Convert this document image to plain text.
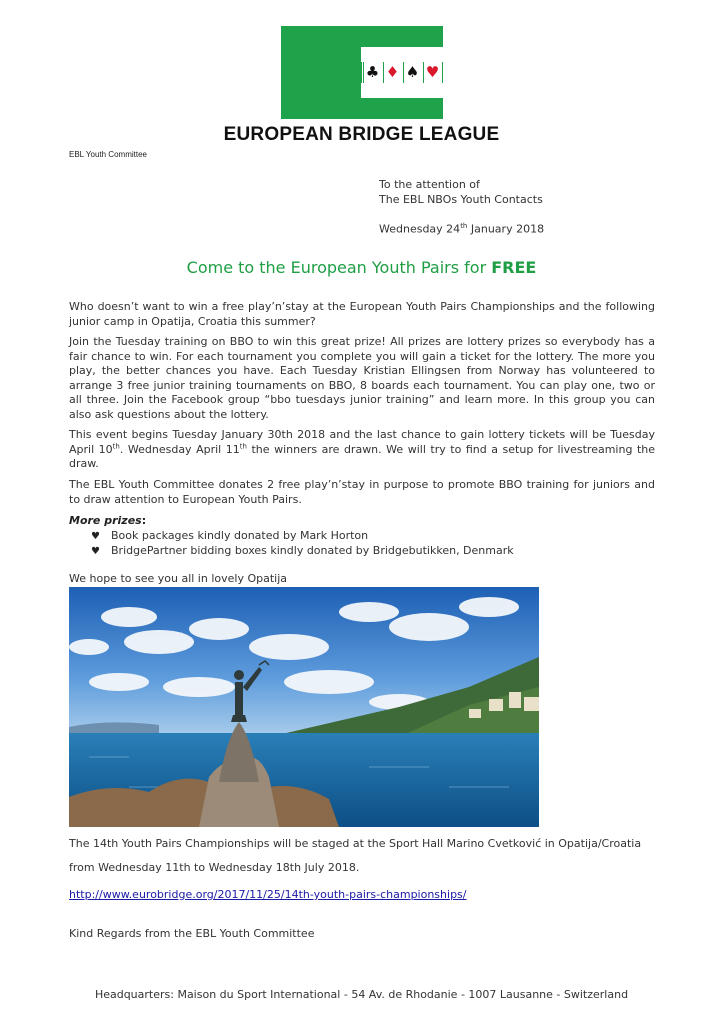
♣ ♦ ♠ ♥
EUROPEAN BRIDGE LEAGUE
EBL Youth Committee
To the attention of
The EBL NBOs Youth Contacts
Wednesday 24th January 2018
Come to the European Youth Pairs for FREE
Who doesn’t want to win a free play’n’stay at the European Youth Pairs Championships and the following junior camp in Opatija, Croatia this summer?
Join the Tuesday training on BBO to win this great prize! All prizes are lottery prizes so everybody has a fair chance to win. For each tournament you complete you will gain a ticket for the lottery. The more you play, the better chances you have. Each Tuesday Kristian Ellingsen from Norway has volunteered to arrange 3 free junior training tournaments on BBO, 8 boards each tournament. You can play one, two or all three. Join the Facebook group “bbo tuesdays junior training” and learn more. In this group you can also ask questions about the lottery.
This event begins Tuesday January 30th 2018 and the last chance to gain lottery tickets will be Tuesday April 10th. Wednesday April 11th the winners are drawn. We will try to find a setup for livestreaming the draw.
The EBL Youth Committee donates 2 free play’n’stay in purpose to promote BBO training for juniors and to draw attention to European Youth Pairs.
More prizes:
♥ Book packages kindly donated by Mark Horton
♥ BridgePartner bidding boxes kindly donated by Bridgebutikken, Denmark
We hope to see you all in lovely Opatija
The 14th Youth Pairs Championships will be staged at the Sport Hall Marino Cvetković in Opatija/Croatia
from Wednesday 11th to Wednesday 18th July 2018.
http://www.eurobridge.org/2017/11/25/14th-youth-pairs-championships/
Kind Regards from the EBL Youth Committee
Headquarters: Maison du Sport International - 54 Av. de Rhodanie - 1007 Lausanne - Switzerland
